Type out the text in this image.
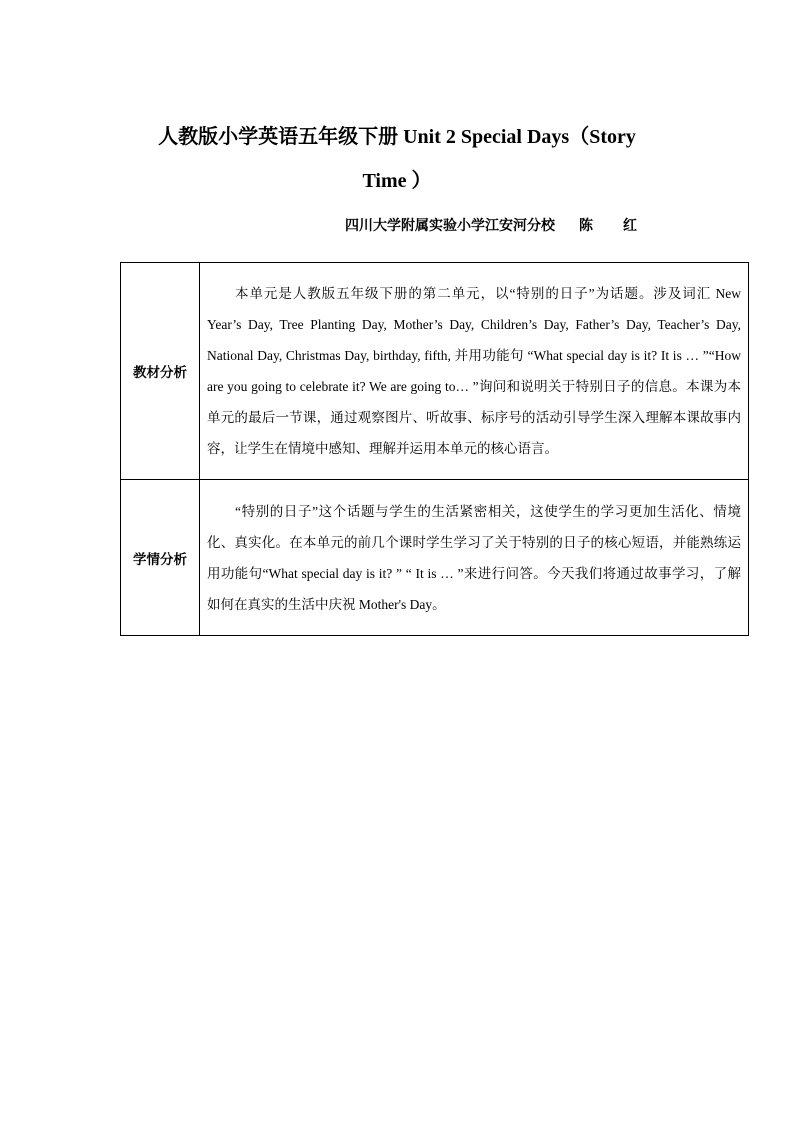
人教版小学英语五年级下册 Unit 2 Special Days（Story
Time ）
四川大学附属实验小学江安河分校 陈红
教材分析	本单元是人教版五年级下册的第二单元，以“特别的日子”为话题。涉及词汇 New Year’s Day, Tree Planting Day, Mother’s Day, Children’s Day, Father’s Day, Teacher’s Day, National Day, Christmas Day, birthday, fifth, 并用功能句 “What special day is it? It is … ”“How are you going to celebrate it? We are going to… ”询问和说明关于特别日子的信息。本课为本单元的最后一节课，通过观察图片、听故事、标序号的活动引导学生深入理解本课故事内容，让学生在情境中感知、理解并运用本单元的核心语言。
学情分析	“特别的日子”这个话题与学生的生活紧密相关，这使学生的学习更加生活化、情境化、真实化。在本单元的前几个课时学生学习了关于特别的日子的核心短语，并能熟练运用功能句“What special day is it? ” “ It is … ”来进行问答。今天我们将通过故事学习，了解如何在真实的生活中庆祝 Mother's Day。
